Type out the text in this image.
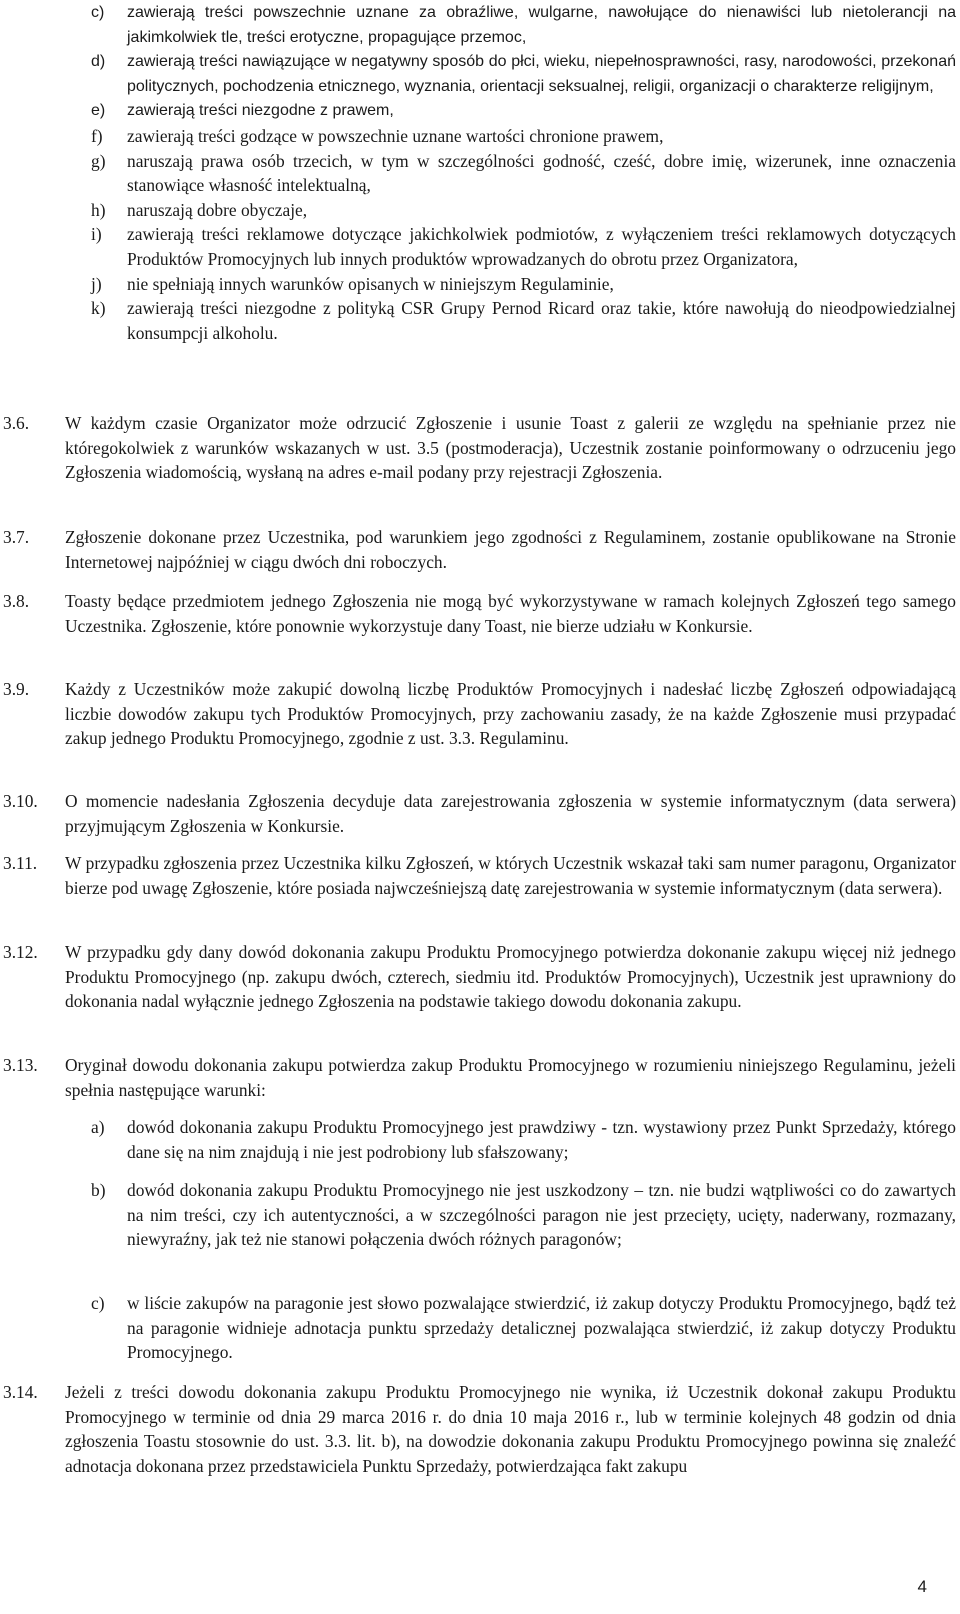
c)	zawierają treści powszechnie uznane za obraźliwe, wulgarne, nawołujące do nienawiści lub nietolerancji na jakimkolwiek tle, treści erotyczne, propagujące przemoc,
d)	zawierają treści nawiązujące w negatywny sposób do płci, wieku, niepełnosprawności, rasy, narodowości, przekonań politycznych, pochodzenia etnicznego, wyznania, orientacji seksualnej, religii, organizacji o charakterze religijnym,
e)	zawierają treści niezgodne z prawem,
f)	zawierają treści godzące w powszechnie uznane wartości chronione prawem,
g)	naruszają prawa osób trzecich, w tym w szczególności godność, cześć, dobre imię, wizerunek, inne oznaczenia stanowiące własność intelektualną,
h)	naruszają dobre obyczaje,
i)	zawierają treści reklamowe dotyczące jakichkolwiek podmiotów, z wyłączeniem treści reklamowych dotyczących Produktów Promocyjnych lub innych produktów wprowadzanych do obrotu przez Organizatora,
j)	nie spełniają innych warunków opisanych w niniejszym Regulaminie,
k)	zawierają treści niezgodne z polityką CSR Grupy Pernod Ricard oraz takie, które nawołują do nieodpowiedzialnej konsumpcji alkoholu.
3.6.	W każdym czasie Organizator może odrzucić Zgłoszenie i usunie Toast z galerii ze względu na spełnianie przez nie któregokolwiek z warunków wskazanych w ust. 3.5 (postmoderacja), Uczestnik zostanie poinformowany o odrzuceniu jego Zgłoszenia wiadomością, wysłaną na adres e-mail podany przy rejestracji Zgłoszenia.
3.7.	Zgłoszenie dokonane przez Uczestnika, pod warunkiem jego zgodności z Regulaminem, zostanie opublikowane na Stronie Internetowej najpóźniej w ciągu dwóch dni roboczych.
3.8.	Toasty będące przedmiotem jednego Zgłoszenia nie mogą być wykorzystywane w ramach kolejnych Zgłoszeń tego samego Uczestnika. Zgłoszenie, które ponownie wykorzystuje dany Toast, nie bierze udziału w Konkursie.
3.9.	Każdy z Uczestników może zakupić dowolną liczbę Produktów Promocyjnych i nadesłać liczbę Zgłoszeń odpowiadającą liczbie dowodów zakupu tych Produktów Promocyjnych, przy zachowaniu zasady, że na każde Zgłoszenie musi przypadać zakup jednego Produktu Promocyjnego, zgodnie z ust. 3.3. Regulaminu.
3.10.	O momencie nadesłania Zgłoszenia decyduje data zarejestrowania zgłoszenia w systemie informatycznym (data serwera) przyjmującym Zgłoszenia w Konkursie.
3.11.	W przypadku zgłoszenia przez Uczestnika kilku Zgłoszeń, w których Uczestnik wskazał taki sam numer paragonu, Organizator bierze pod uwagę Zgłoszenie, które posiada najwcześniejszą datę zarejestrowania w systemie informatycznym (data serwera).
3.12.	W przypadku gdy dany dowód dokonania zakupu Produktu Promocyjnego potwierdza dokonanie zakupu więcej niż jednego Produktu Promocyjnego (np. zakupu dwóch, czterech, siedmiu itd. Produktów Promocyjnych), Uczestnik jest uprawniony do dokonania nadal wyłącznie jednego Zgłoszenia na podstawie takiego dowodu dokonania zakupu.
3.13.	Oryginał dowodu dokonania zakupu potwierdza zakup Produktu Promocyjnego w rozumieniu niniejszego Regulaminu, jeżeli spełnia następujące warunki:
a)	dowód dokonania zakupu Produktu Promocyjnego jest prawdziwy - tzn. wystawiony przez Punkt Sprzedaży, którego dane się na nim znajdują i nie jest podrobiony lub sfałszowany;
b)	dowód dokonania zakupu Produktu Promocyjnego nie jest uszkodzony – tzn. nie budzi wątpliwości co do zawartych na nim treści, czy ich autentyczności, a w szczególności paragon nie jest przecięty, ucięty, naderwany, rozmazany, niewyraźny, jak też nie stanowi połączenia dwóch różnych paragonów;
c)	w liście zakupów na paragonie jest słowo pozwalające stwierdzić, iż zakup dotyczy Produktu Promocyjnego, bądź też na paragonie widnieje adnotacja punktu sprzedaży detalicznej pozwalająca stwierdzić, iż zakup dotyczy Produktu Promocyjnego.
3.14.	Jeżeli z treści dowodu dokonania zakupu Produktu Promocyjnego nie wynika, iż Uczestnik dokonał zakupu Produktu Promocyjnego w terminie od dnia 29 marca 2016 r. do dnia 10 maja 2016 r., lub w terminie kolejnych 48 godzin od dnia zgłoszenia Toastu stosownie do ust. 3.3. lit. b), na dowodzie dokonania zakupu Produktu Promocyjnego powinna się znaleźć adnotacja dokonana przez przedstawiciela Punktu Sprzedaży, potwierdzająca fakt zakupu
4
